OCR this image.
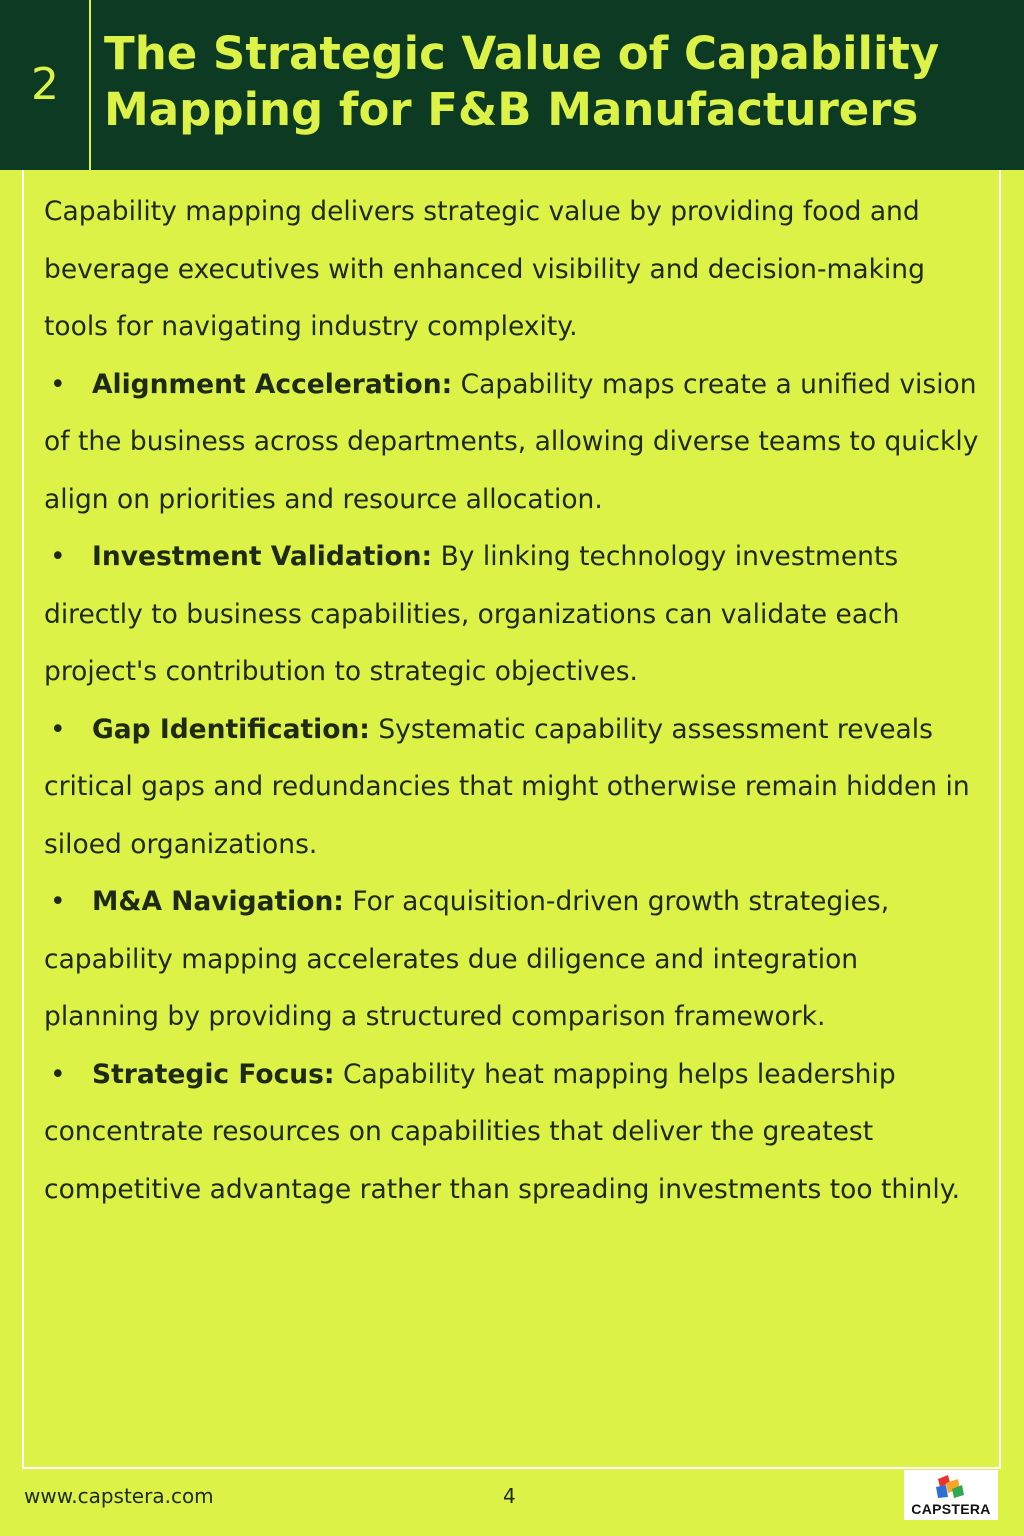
2
The Strategic Value of Capability Mapping for F&B Manufacturers

Capability mapping delivers strategic value by providing food and beverage executives with enhanced visibility and decision-making tools for navigating industry complexity.

• Alignment Acceleration: Capability maps create a unified vision of the business across departments, allowing diverse teams to quickly align on priorities and resource allocation.
• Investment Validation: By linking technology investments directly to business capabilities, organizations can validate each project's contribution to strategic objectives.
• Gap Identification: Systematic capability assessment reveals critical gaps and redundancies that might otherwise remain hidden in siloed organizations.
• M&A Navigation: For acquisition-driven growth strategies, capability mapping accelerates due diligence and integration planning by providing a structured comparison framework.
• Strategic Focus: Capability heat mapping helps leadership concentrate resources on capabilities that deliver the greatest competitive advantage rather than spreading investments too thinly.
www.capstera.com	4
CAPSTERA
